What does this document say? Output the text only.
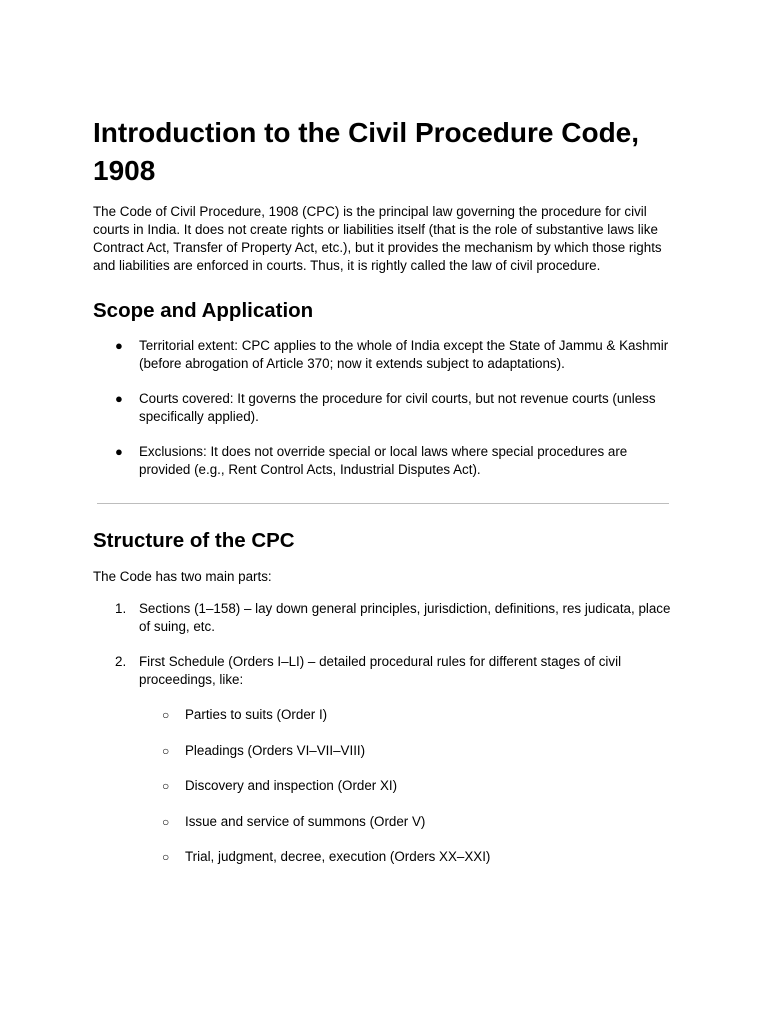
Introduction to the Civil Procedure Code, 1908

The Code of Civil Procedure, 1908 (CPC) is the principal law governing the procedure for civil courts in India. It does not create rights or liabilities itself (that is the role of substantive laws like Contract Act, Transfer of Property Act, etc.), but it provides the mechanism by which those rights and liabilities are enforced in courts. Thus, it is rightly called the law of civil procedure.

Scope and Application
● Territorial extent: CPC applies to the whole of India except the State of Jammu & Kashmir (before abrogation of Article 370; now it extends subject to adaptations).
● Courts covered: It governs the procedure for civil courts, but not revenue courts (unless specifically applied).
● Exclusions: It does not override special or local laws where special procedures are provided (e.g., Rent Control Acts, Industrial Disputes Act).
Structure of the CPC

The Code has two main parts:

1. Sections (1–158) – lay down general principles, jurisdiction, definitions, res judicata, place of suing, etc.
2. First Schedule (Orders I–LI) – detailed procedural rules for different stages of civil proceedings, like:
○ Parties to suits (Order I)
○ Pleadings (Orders VI–VII–VIII)
○ Discovery and inspection (Order XI)
○ Issue and service of summons (Order V)
○ Trial, judgment, decree, execution (Orders XX–XXI)
